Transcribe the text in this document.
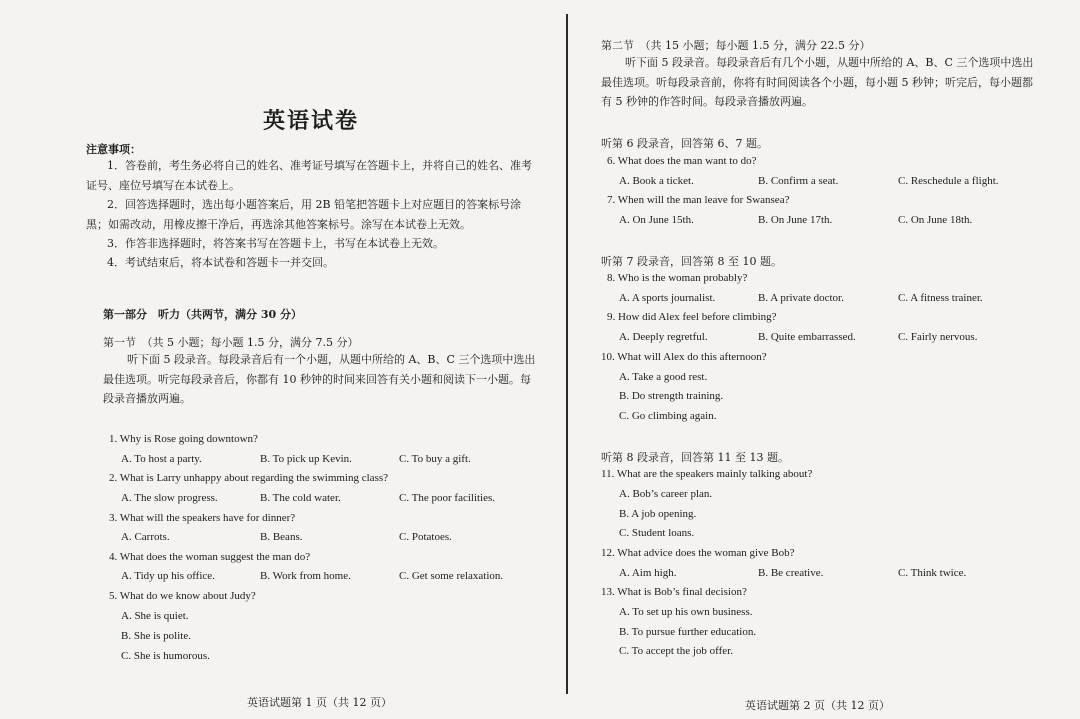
英语试卷
注意事项：
1．答卷前，考生务必将自己的姓名、准考证号填写在答题卡上，并将自己的姓名、准考证号、座位号填写在本试卷上。
2．回答选择题时，选出每小题答案后，用 2B 铅笔把答题卡上对应题目的答案标号涂黑；如需改动，用橡皮擦干净后，再选涂其他答案标号。涂写在本试卷上无效。
3．作答非选择题时，将答案书写在答题卡上，书写在本试卷上无效。
4．考试结束后，将本试卷和答题卡一并交回。
第一部分　听力（共两节，满分 30 分）
第一节　（共 5 小题；每小题 1.5 分，满分 7.5 分）
听下面 5 段录音。每段录音后有一个小题，从题中所给的 A、B、C 三个选项中选出最佳选项。听完每段录音后，你都有 10 秒钟的时间来回答有关小题和阅读下一小题。每段录音播放两遍。
1. Why is Rose going downtown?
A. To host a party.	B. To pick up Kevin.	C. To buy a gift.
2. What is Larry unhappy about regarding the swimming class?
A. The slow progress.	B. The cold water.	C. The poor facilities.
3. What will the speakers have for dinner?
A. Carrots.	B. Beans.	C. Potatoes.
4. What does the woman suggest the man do?
A. Tidy up his office.	B. Work from home.	C. Get some relaxation.
5. What do we know about Judy?
A. She is quiet.
B. She is polite.
C. She is humorous.
英语试题第 1 页（共 12 页）
第二节　（共 15 小题；每小题 1.5 分，满分 22.5 分）
听下面 5 段录音。每段录音后有几个小题，从题中所给的 A、B、C 三个选项中选出最佳选项。听每段录音前，你将有时间阅读各个小题，每小题 5 秒钟；听完后，每小题都有 5 秒钟的作答时间。每段录音播放两遍。
听第 6 段录音，回答第 6、7 题。
6. What does the man want to do?
A. Book a ticket.	B. Confirm a seat.	C. Reschedule a flight.
7. When will the man leave for Swansea?
A. On June 15th.	B. On June 17th.	C. On June 18th.
听第 7 段录音，回答第 8 至 10 题。
8. Who is the woman probably?
A. A sports journalist.	B. A private doctor.	C. A fitness trainer.
9. How did Alex feel before climbing?
A. Deeply regretful.	B. Quite embarrassed.	C. Fairly nervous.
10. What will Alex do this afternoon?
A. Take a good rest.
B. Do strength training.
C. Go climbing again.
听第 8 段录音，回答第 11 至 13 题。
11. What are the speakers mainly talking about?
A. Bob’s career plan.
B. A job opening.
C. Student loans.
12. What advice does the woman give Bob?
A. Aim high.	B. Be creative.	C. Think twice.
13. What is Bob’s final decision?
A. To set up his own business.
B. To pursue further education.
C. To accept the job offer.
英语试题第 2 页（共 12 页）
